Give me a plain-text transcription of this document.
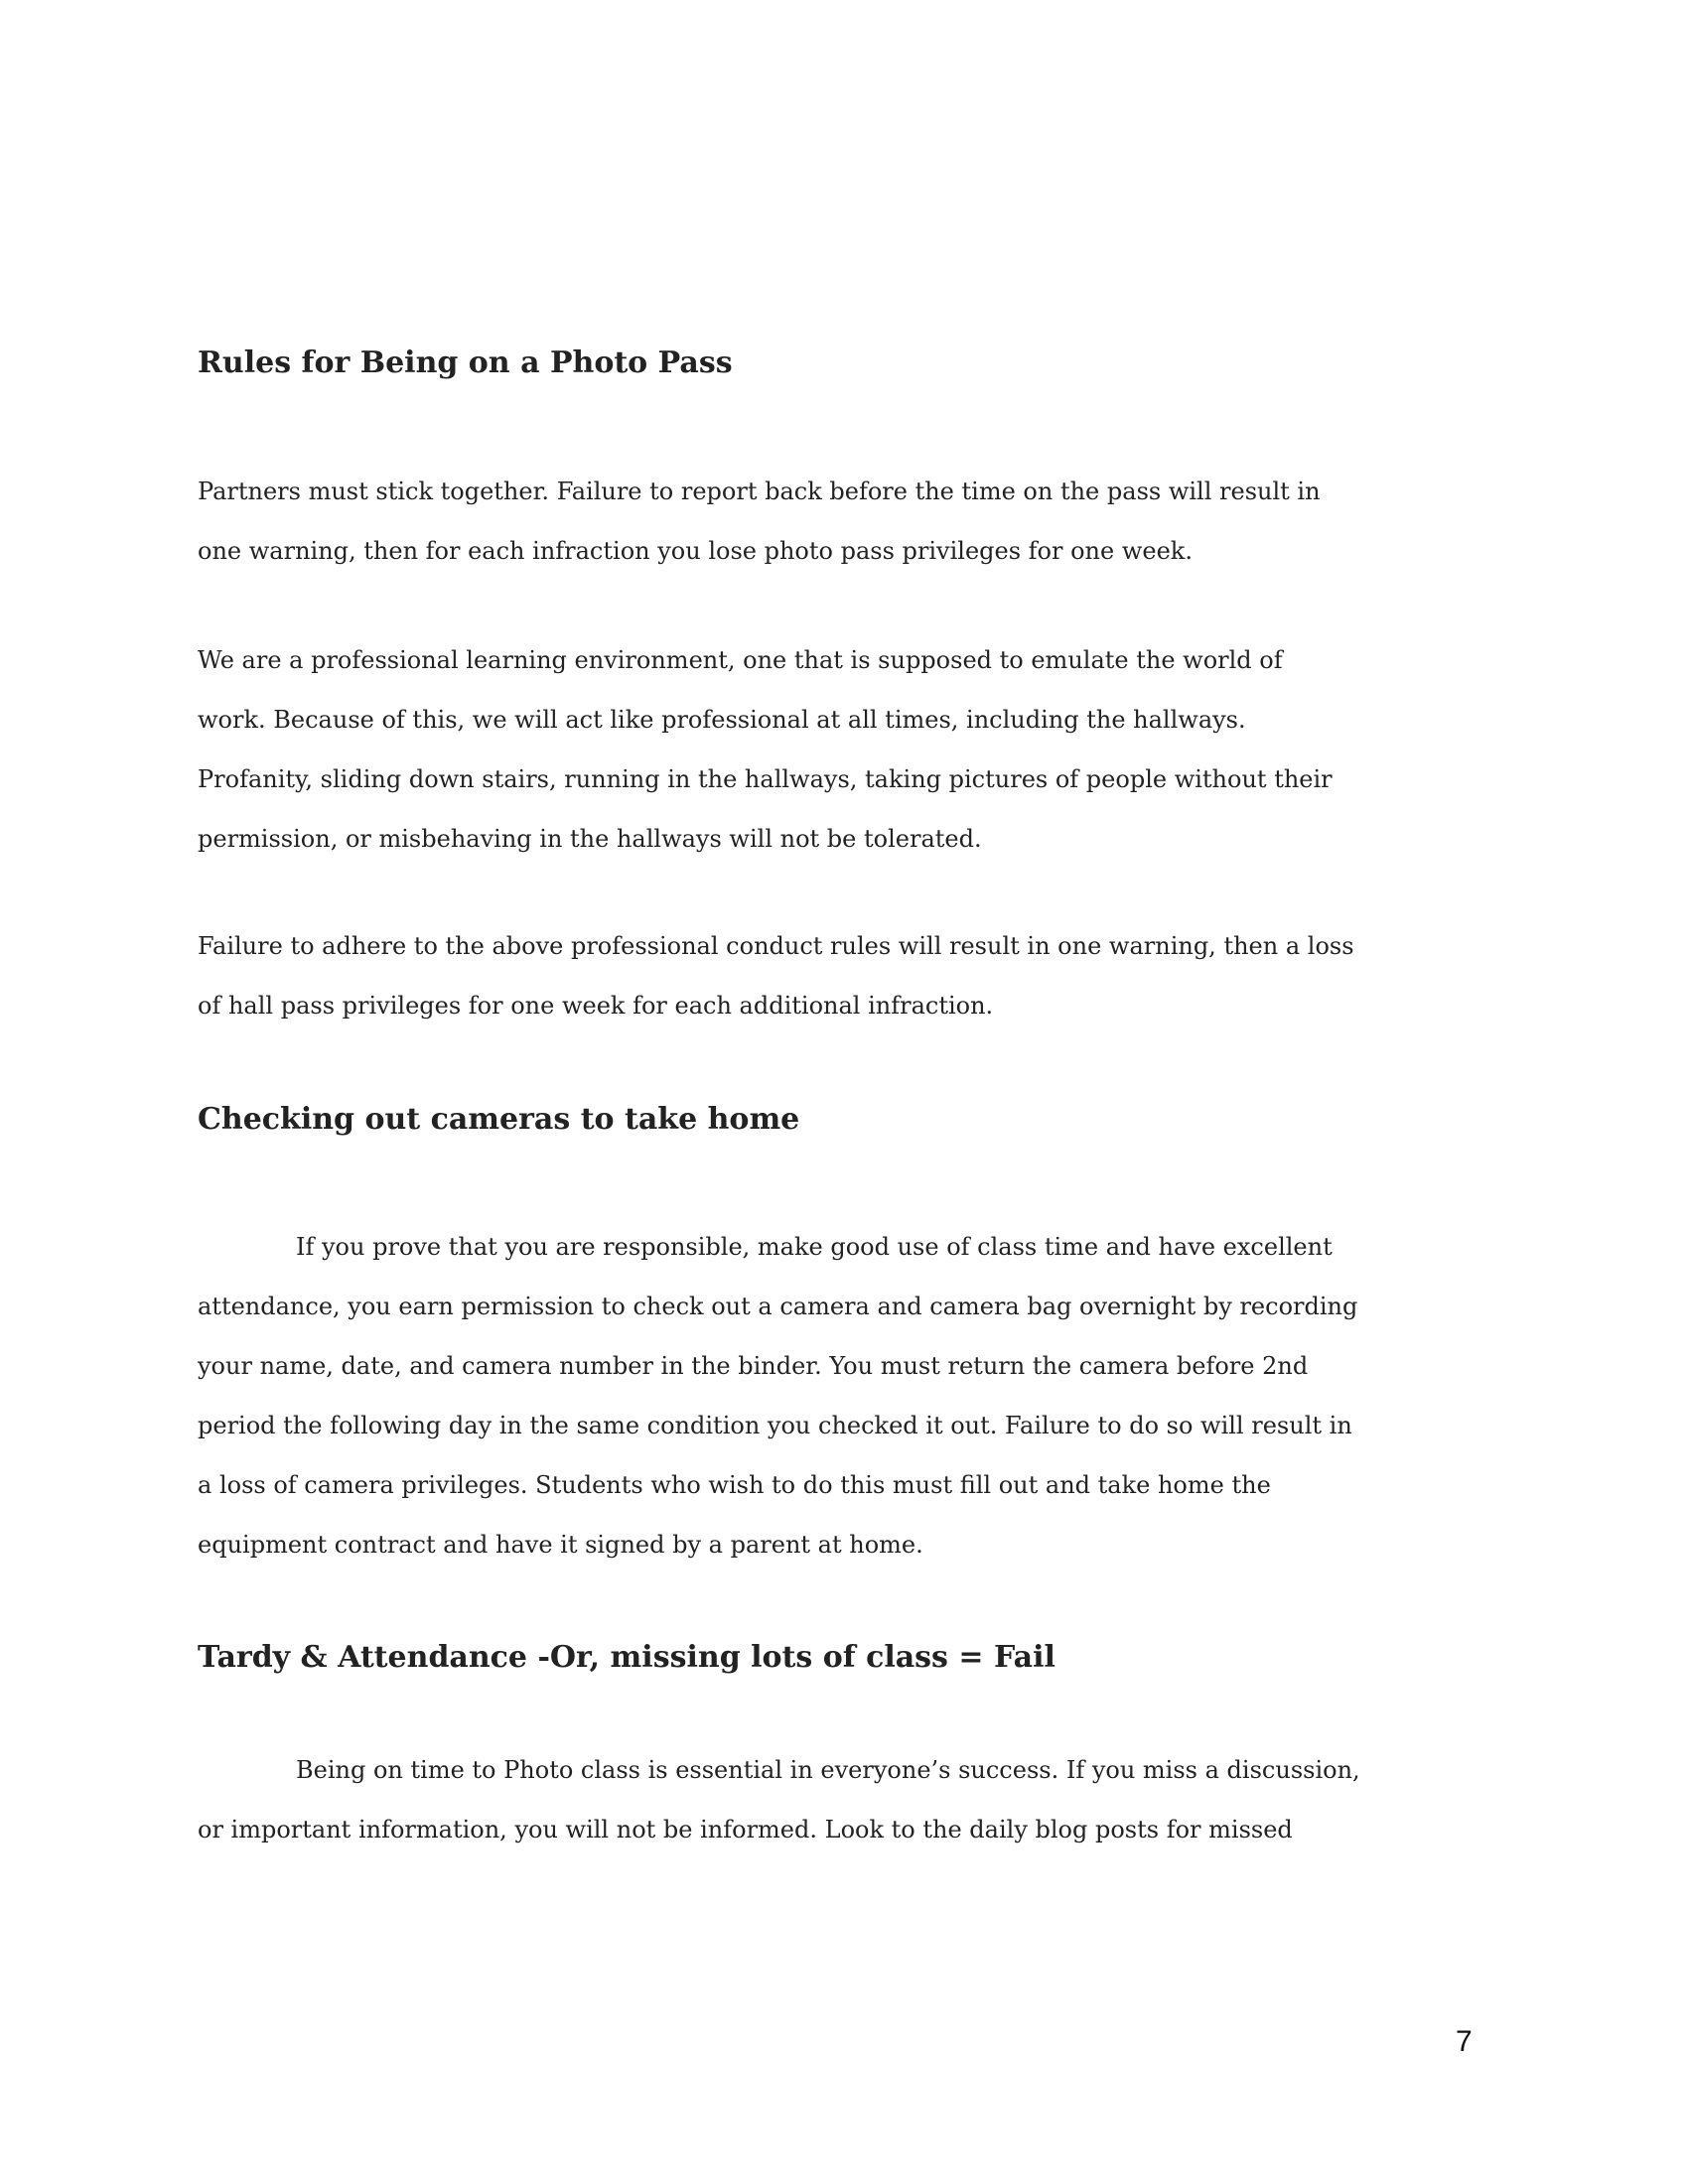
Rules for Being on a Photo Pass
Partners must stick together. Failure to report back before the time on the pass will result in
one warning, then for each infraction you lose photo pass privileges for one week.
We are a professional learning environment, one that is supposed to emulate the world of
work. Because of this, we will act like professional at all times, including the hallways.
Profanity, sliding down stairs, running in the hallways, taking pictures of people without their
permission, or misbehaving in the hallways will not be tolerated.
Failure to adhere to the above professional conduct rules will result in one warning, then a loss
of hall pass privileges for one week for each additional infraction.
Checking out cameras to take home
If you prove that you are responsible, make good use of class time and have excellent
attendance, you earn permission to check out a camera and camera bag overnight by recording
your name, date, and camera number in the binder. You must return the camera before 2nd
period the following day in the same condition you checked it out. Failure to do so will result in
a loss of camera privileges. Students who wish to do this must fill out and take home the
equipment contract and have it signed by a parent at home.
Tardy & Attendance -Or, missing lots of class = Fail
Being on time to Photo class is essential in everyone’s success. If you miss a discussion,
or important information, you will not be informed. Look to the daily blog posts for missed
7
